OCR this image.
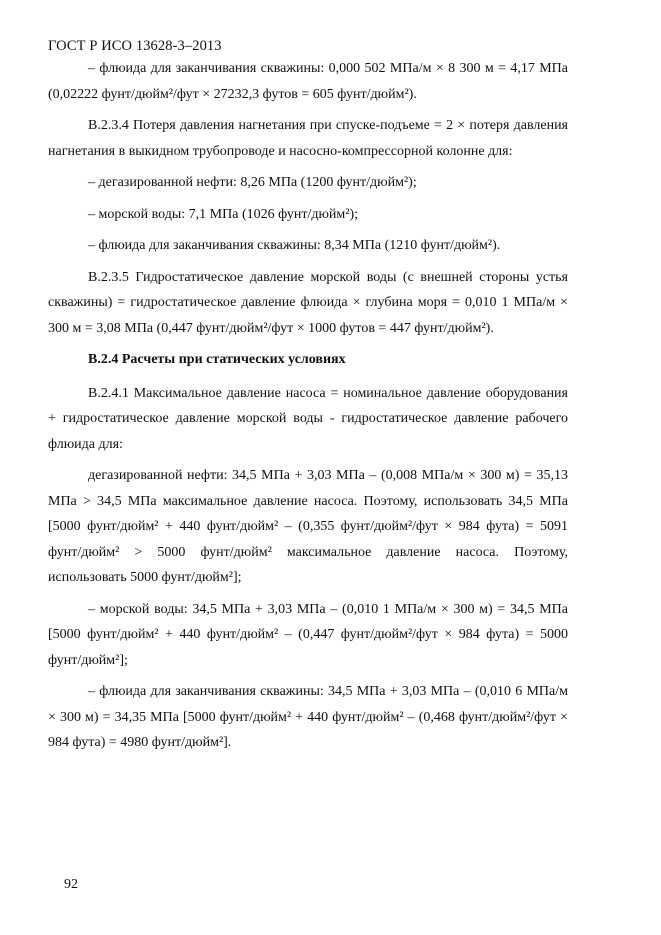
ГОСТ Р ИСО 13628-3–2013

– флюида для заканчивания скважины: 0,000 502 МПа/м × 8 300 м = 4,17 МПа (0,02222 фунт/дюйм²/фут × 27232,3 футов = 605 фунт/дюйм²).

В.2.3.4 Потеря давления нагнетания при спуске-подъеме = 2 × потеря давления нагнетания в выкидном трубопроводе и насосно-компрессорной колонне для:

– дегазированной нефти: 8,26 МПа (1200 фунт/дюйм²);

– морской воды: 7,1 МПа (1026 фунт/дюйм²);

– флюида для заканчивания скважины: 8,34 МПа (1210 фунт/дюйм²).

В.2.3.5 Гидростатическое давление морской воды (с внешней стороны устья скважины) = гидростатическое давление флюида × глубина моря = 0,010 1 МПа/м × 300 м = 3,08 МПа (0,447 фунт/дюйм²/фут × 1000 футов = 447 фунт/дюйм²).

В.2.4 Расчеты при статических условиях

В.2.4.1 Максимальное давление насоса = номинальное давление оборудования + гидростатическое давление морской воды - гидростатическое давление рабочего флюида для:

дегазированной нефти: 34,5 МПа + 3,03 МПа – (0,008 МПа/м × 300 м) = 35,13 МПа > 34,5 МПа максимальное давление насоса. Поэтому, использовать 34,5 МПа [5000 фунт/дюйм² + 440 фунт/дюйм² – (0,355 фунт/дюйм²/фут × 984 фута) = 5091 фунт/дюйм² > 5000 фунт/дюйм² максимальное давление насоса. Поэтому, использовать 5000 фунт/дюйм²];

– морской воды: 34,5 МПа + 3,03 МПа – (0,010 1 МПа/м × 300 м) = 34,5 МПа [5000 фунт/дюйм² + 440 фунт/дюйм² – (0,447 фунт/дюйм²/фут × 984 фута) = 5000 фунт/дюйм²];

– флюида для заканчивания скважины: 34,5 МПа + 3,03 МПа – (0,010 6 МПа/м × 300 м) = 34,35 МПа [5000 фунт/дюйм² + 440 фунт/дюйм² – (0,468 фунт/дюйм²/фут × 984 фута) = 4980 фунт/дюйм²].

92
